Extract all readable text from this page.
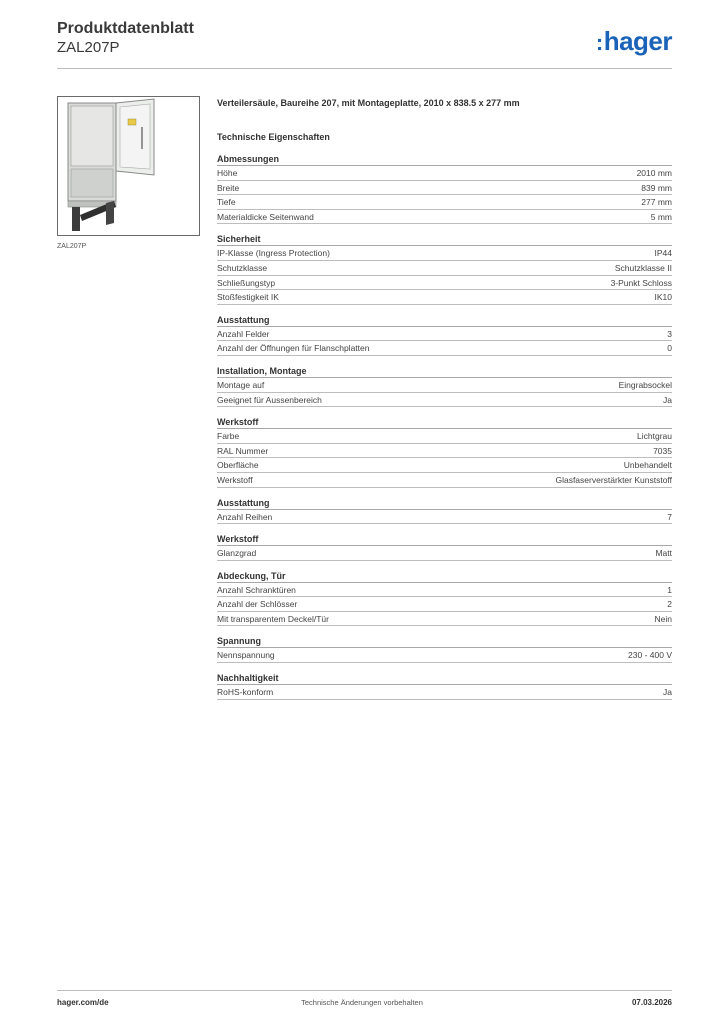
Produktdatenblatt
ZAL207P	:hager
ZAL207P
Verteilersäule, Baureihe 207, mit Montageplatte, 2010 x 838.5 x 277 mm
Technische Eigenschaften
Abmessungen
Höhe	2010 mm
Breite	839 mm
Tiefe	277 mm
Materialdicke Seitenwand	5 mm
Sicherheit
IP-Klasse (Ingress Protection)	IP44
Schutzklasse	Schutzklasse II
Schließungstyp	3-Punkt Schloss
Stoßfestigkeit IK	IK10
Ausstattung
Anzahl Felder	3
Anzahl der Öffnungen für Flanschplatten	0
Installation, Montage
Montage auf	Eingrabsockel
Geeignet für Aussenbereich	Ja
Werkstoff
Farbe	Lichtgrau
RAL Nummer	7035
Oberfläche	Unbehandelt
Werkstoff	Glasfaserverstärkter Kunststoff
Ausstattung
Anzahl Reihen	7
Werkstoff
Glanzgrad	Matt
Abdeckung, Tür
Anzahl Schranktüren	1
Anzahl der Schlösser	2
Mit transparentem Deckel/Tür	Nein
Spannung
Nennspannung	230 - 400 V
Nachhaltigkeit
RoHS-konform	Ja
hager.com/de	Technische Änderungen vorbehalten	07.03.2026
